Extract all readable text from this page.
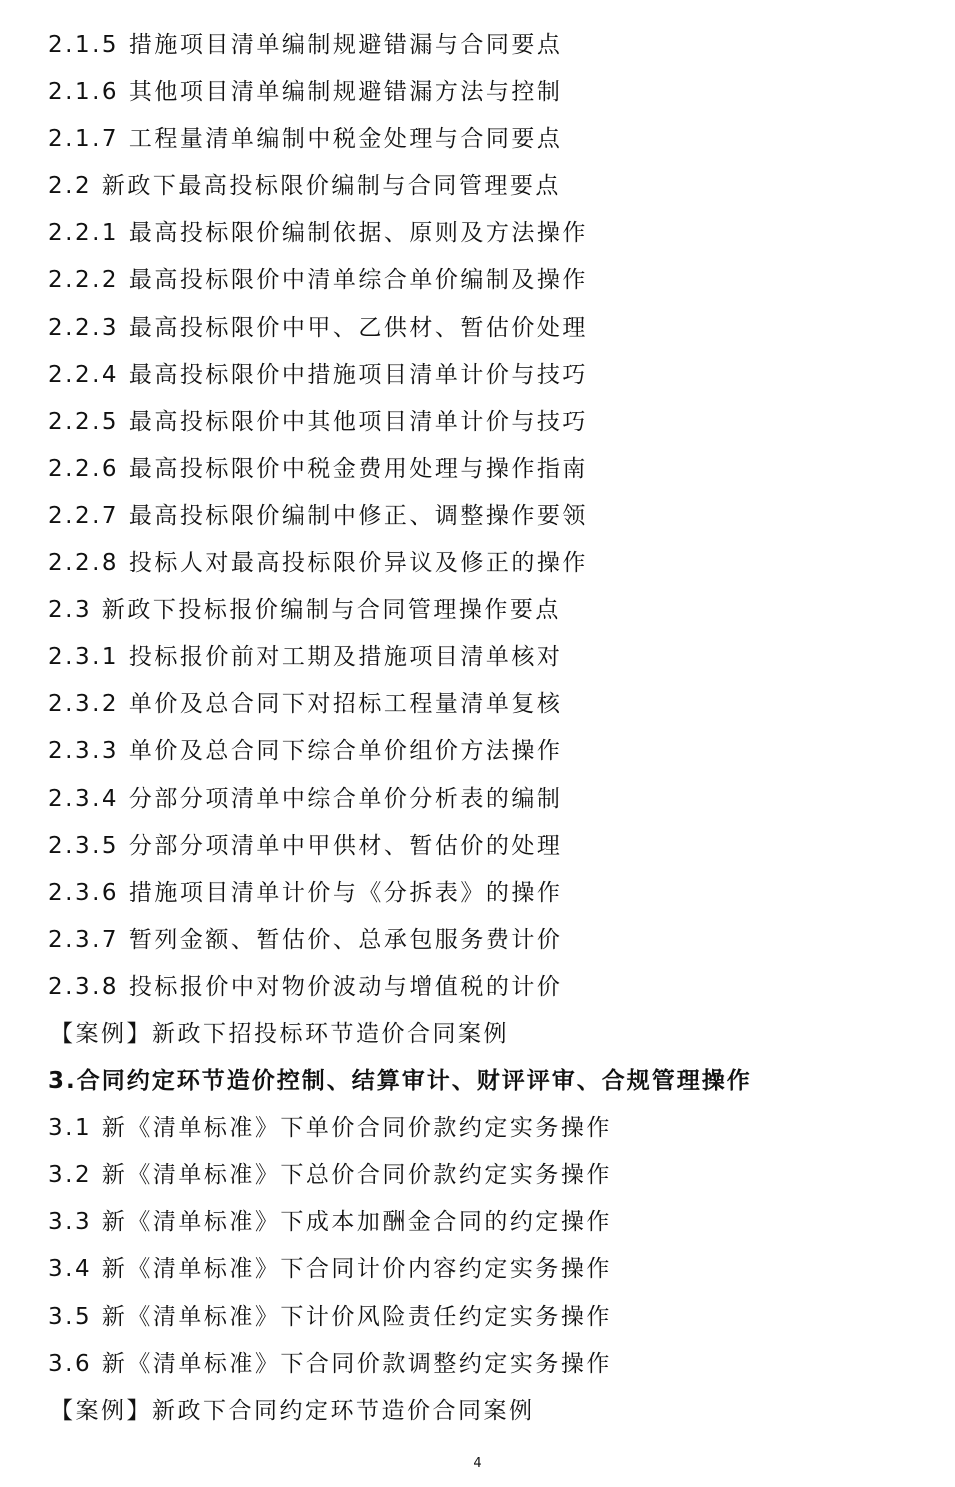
2.1.5 措施项目清单编制规避错漏与合同要点
2.1.6 其他项目清单编制规避错漏方法与控制
2.1.7 工程量清单编制中税金处理与合同要点
2.2 新政下最高投标限价编制与合同管理要点
2.2.1 最高投标限价编制依据、原则及方法操作
2.2.2 最高投标限价中清单综合单价编制及操作
2.2.3 最高投标限价中甲、乙供材、暂估价处理
2.2.4 最高投标限价中措施项目清单计价与技巧
2.2.5 最高投标限价中其他项目清单计价与技巧
2.2.6 最高投标限价中税金费用处理与操作指南
2.2.7 最高投标限价编制中修正、调整操作要领
2.2.8 投标人对最高投标限价异议及修正的操作
2.3 新政下投标报价编制与合同管理操作要点
2.3.1 投标报价前对工期及措施项目清单核对
2.3.2 单价及总合同下对招标工程量清单复核
2.3.3 单价及总合同下综合单价组价方法操作
2.3.4 分部分项清单中综合单价分析表的编制
2.3.5 分部分项清单中甲供材、暂估价的处理
2.3.6 措施项目清单计价与《分拆表》的操作
2.3.7 暂列金额、暂估价、总承包服务费计价
2.3.8 投标报价中对物价波动与增值税的计价
【案例】新政下招投标环节造价合同案例
3.合同约定环节造价控制、结算审计、财评评审、合规管理操作
3.1 新《清单标准》下单价合同价款约定实务操作
3.2 新《清单标准》下总价合同价款约定实务操作
3.3 新《清单标准》下成本加酬金合同的约定操作
3.4 新《清单标准》下合同计价内容约定实务操作
3.5 新《清单标准》下计价风险责任约定实务操作
3.6 新《清单标准》下合同价款调整约定实务操作
【案例】新政下合同约定环节造价合同案例
4
